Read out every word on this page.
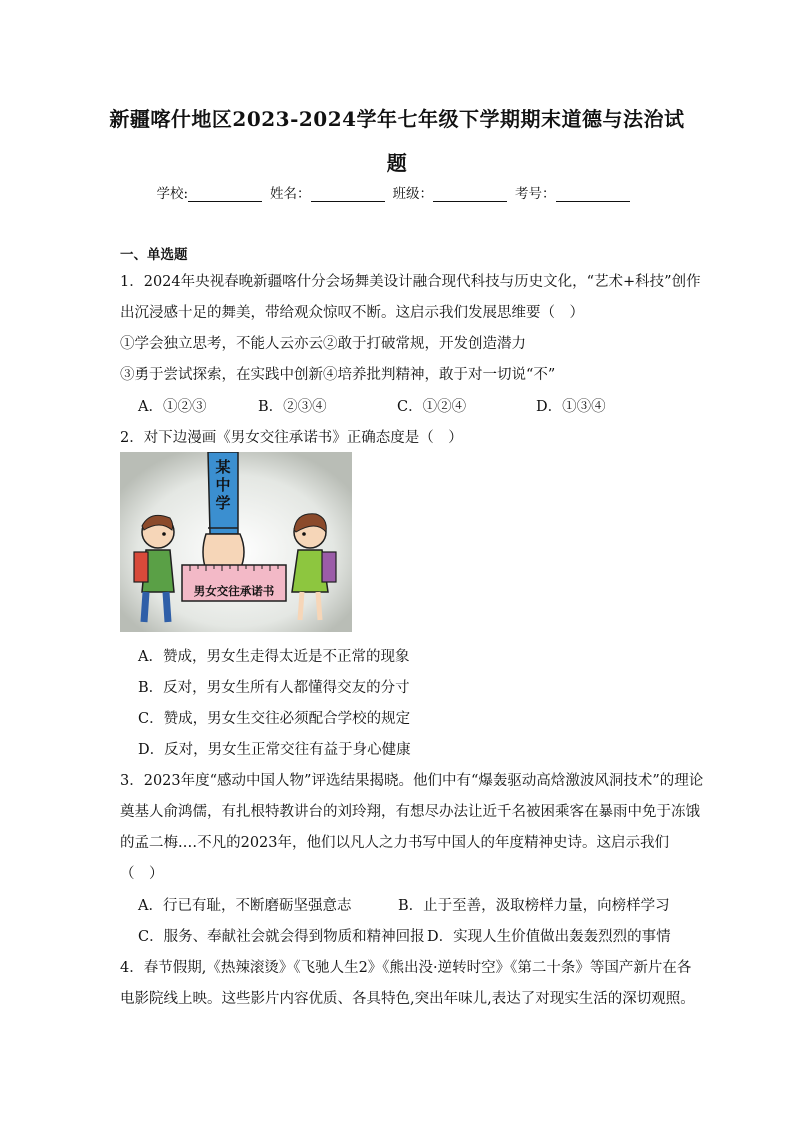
新疆喀什地区2023-2024学年七年级下学期期末道德与法治试
题
学校:	姓名：	班级：	考号：
一、单选题
1．2024年央视春晚新疆喀什分会场舞美设计融合现代科技与历史文化，“艺术+科技”创作
出沉浸感十足的舞美，带给观众惊叹不断。这启示我们发展思维要（　）
①学会独立思考，不能人云亦云②敢于打破常规，开发创造潜力
③勇于尝试探索，在实践中创新④培养批判精神，敢于对一切说“不”
A．①②③	B．②③④	C．①②④	D．①③④
2．对下边漫画《男女交往承诺书》正确态度是（　）
某
中
学
男女交往承诺书
A．赞成，男女生走得太近是不正常的现象
B．反对，男女生所有人都懂得交友的分寸
C．赞成，男女生交往必须配合学校的规定
D．反对，男女生正常交往有益于身心健康
3．2023年度“感动中国人物”评选结果揭晓。他们中有“爆轰驱动高焓激波风洞技术”的理论
奠基人俞鸿儒，有扎根特教讲台的刘玲翔，有想尽办法让近千名被困乘客在暴雨中免于冻饿
的孟二梅.…不凡的2023年，他们以凡人之力书写中国人的年度精神史诗。这启示我们
（　）
A．行已有耻，不断磨砺坚强意志	B．止于至善，汲取榜样力量，向榜样学习
C．服务、奉献社会就会得到物质和精神回报 D．实现人生价值做出轰轰烈烈的事情
4．春节假期,《热辣滚烫》《飞驰人生2》《熊出没·逆转时空》《第二十条》等国产新片在各
电影院线上映。这些影片内容优质、各具特色,突出年味儿,表达了对现实生活的深切观照。
